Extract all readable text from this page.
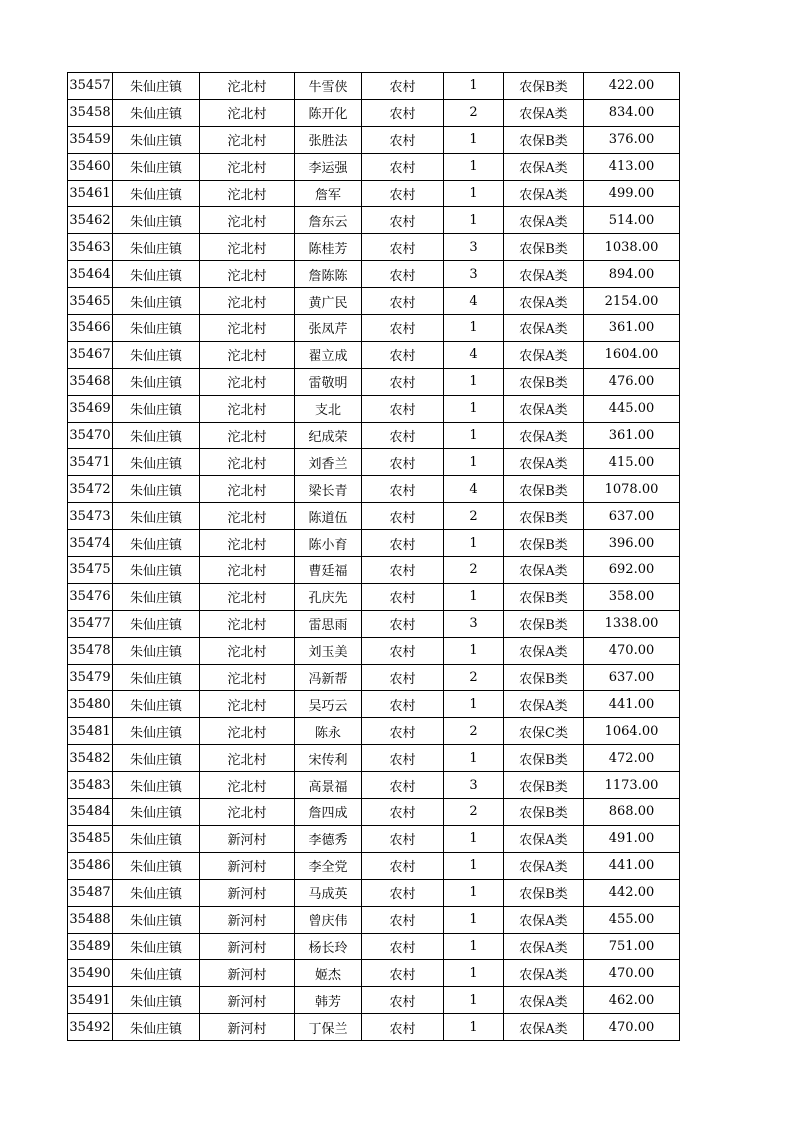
35457	朱仙庄镇	沱北村	牛雪侠	农村	1	农保B类	422.00
35458	朱仙庄镇	沱北村	陈开化	农村	2	农保A类	834.00
35459	朱仙庄镇	沱北村	张胜法	农村	1	农保B类	376.00
35460	朱仙庄镇	沱北村	李运强	农村	1	农保A类	413.00
35461	朱仙庄镇	沱北村	詹军	农村	1	农保A类	499.00
35462	朱仙庄镇	沱北村	詹东云	农村	1	农保A类	514.00
35463	朱仙庄镇	沱北村	陈桂芳	农村	3	农保B类	1038.00
35464	朱仙庄镇	沱北村	詹陈陈	农村	3	农保A类	894.00
35465	朱仙庄镇	沱北村	黄广民	农村	4	农保A类	2154.00
35466	朱仙庄镇	沱北村	张凤芹	农村	1	农保A类	361.00
35467	朱仙庄镇	沱北村	翟立成	农村	4	农保A类	1604.00
35468	朱仙庄镇	沱北村	雷敬明	农村	1	农保B类	476.00
35469	朱仙庄镇	沱北村	支北	农村	1	农保A类	445.00
35470	朱仙庄镇	沱北村	纪成荣	农村	1	农保A类	361.00
35471	朱仙庄镇	沱北村	刘香兰	农村	1	农保A类	415.00
35472	朱仙庄镇	沱北村	梁长青	农村	4	农保B类	1078.00
35473	朱仙庄镇	沱北村	陈道伍	农村	2	农保B类	637.00
35474	朱仙庄镇	沱北村	陈小育	农村	1	农保B类	396.00
35475	朱仙庄镇	沱北村	曹廷福	农村	2	农保A类	692.00
35476	朱仙庄镇	沱北村	孔庆先	农村	1	农保B类	358.00
35477	朱仙庄镇	沱北村	雷思雨	农村	3	农保B类	1338.00
35478	朱仙庄镇	沱北村	刘玉美	农村	1	农保A类	470.00
35479	朱仙庄镇	沱北村	冯新帮	农村	2	农保B类	637.00
35480	朱仙庄镇	沱北村	吴巧云	农村	1	农保A类	441.00
35481	朱仙庄镇	沱北村	陈永	农村	2	农保C类	1064.00
35482	朱仙庄镇	沱北村	宋传利	农村	1	农保B类	472.00
35483	朱仙庄镇	沱北村	高景福	农村	3	农保B类	1173.00
35484	朱仙庄镇	沱北村	詹四成	农村	2	农保B类	868.00
35485	朱仙庄镇	新河村	李德秀	农村	1	农保A类	491.00
35486	朱仙庄镇	新河村	李全党	农村	1	农保A类	441.00
35487	朱仙庄镇	新河村	马成英	农村	1	农保B类	442.00
35488	朱仙庄镇	新河村	曾庆伟	农村	1	农保A类	455.00
35489	朱仙庄镇	新河村	杨长玲	农村	1	农保A类	751.00
35490	朱仙庄镇	新河村	姬杰	农村	1	农保A类	470.00
35491	朱仙庄镇	新河村	韩芳	农村	1	农保A类	462.00
35492	朱仙庄镇	新河村	丁保兰	农村	1	农保A类	470.00
